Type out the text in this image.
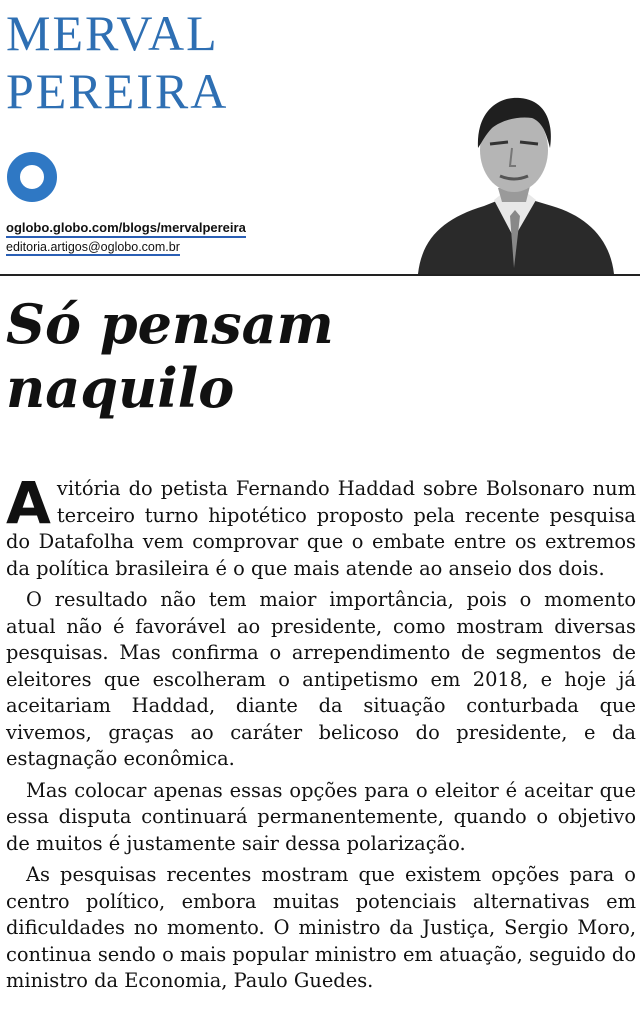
MERVAL
PEREIRA
oglobo.globo.com/blogs/mervalpereira
editoria.artigos@oglobo.com.br
Só pensam
naquilo

Avitória do petista Fernando Haddad sobre Bolsonaro num terceiro turno hipotético proposto pela recente pesquisa do Datafolha vem comprovar que o embate entre os extremos da política brasileira é o que mais atende ao anseio dos dois.

O resultado não tem maior importância, pois o momento atual não é favorável ao presidente, como mostram diversas pesquisas. Mas confirma o arrependimento de segmentos de eleitores que escolheram o antipetismo em 2018, e hoje já aceitariam Haddad, diante da situação conturbada que vivemos, graças ao caráter belicoso do presidente, e da estagnação econômica.

Mas colocar apenas essas opções para o eleitor é aceitar que essa disputa continuará permanentemente, quando o objetivo de muitos é justamente sair dessa polarização.

As pesquisas recentes mostram que existem opções para o centro político, embora muitas potenciais alternativas em dificuldades no momento. O ministro da Justiça, Sergio Moro, continua sendo o mais popular ministro em atuação, seguido do ministro da Economia, Paulo Guedes.
